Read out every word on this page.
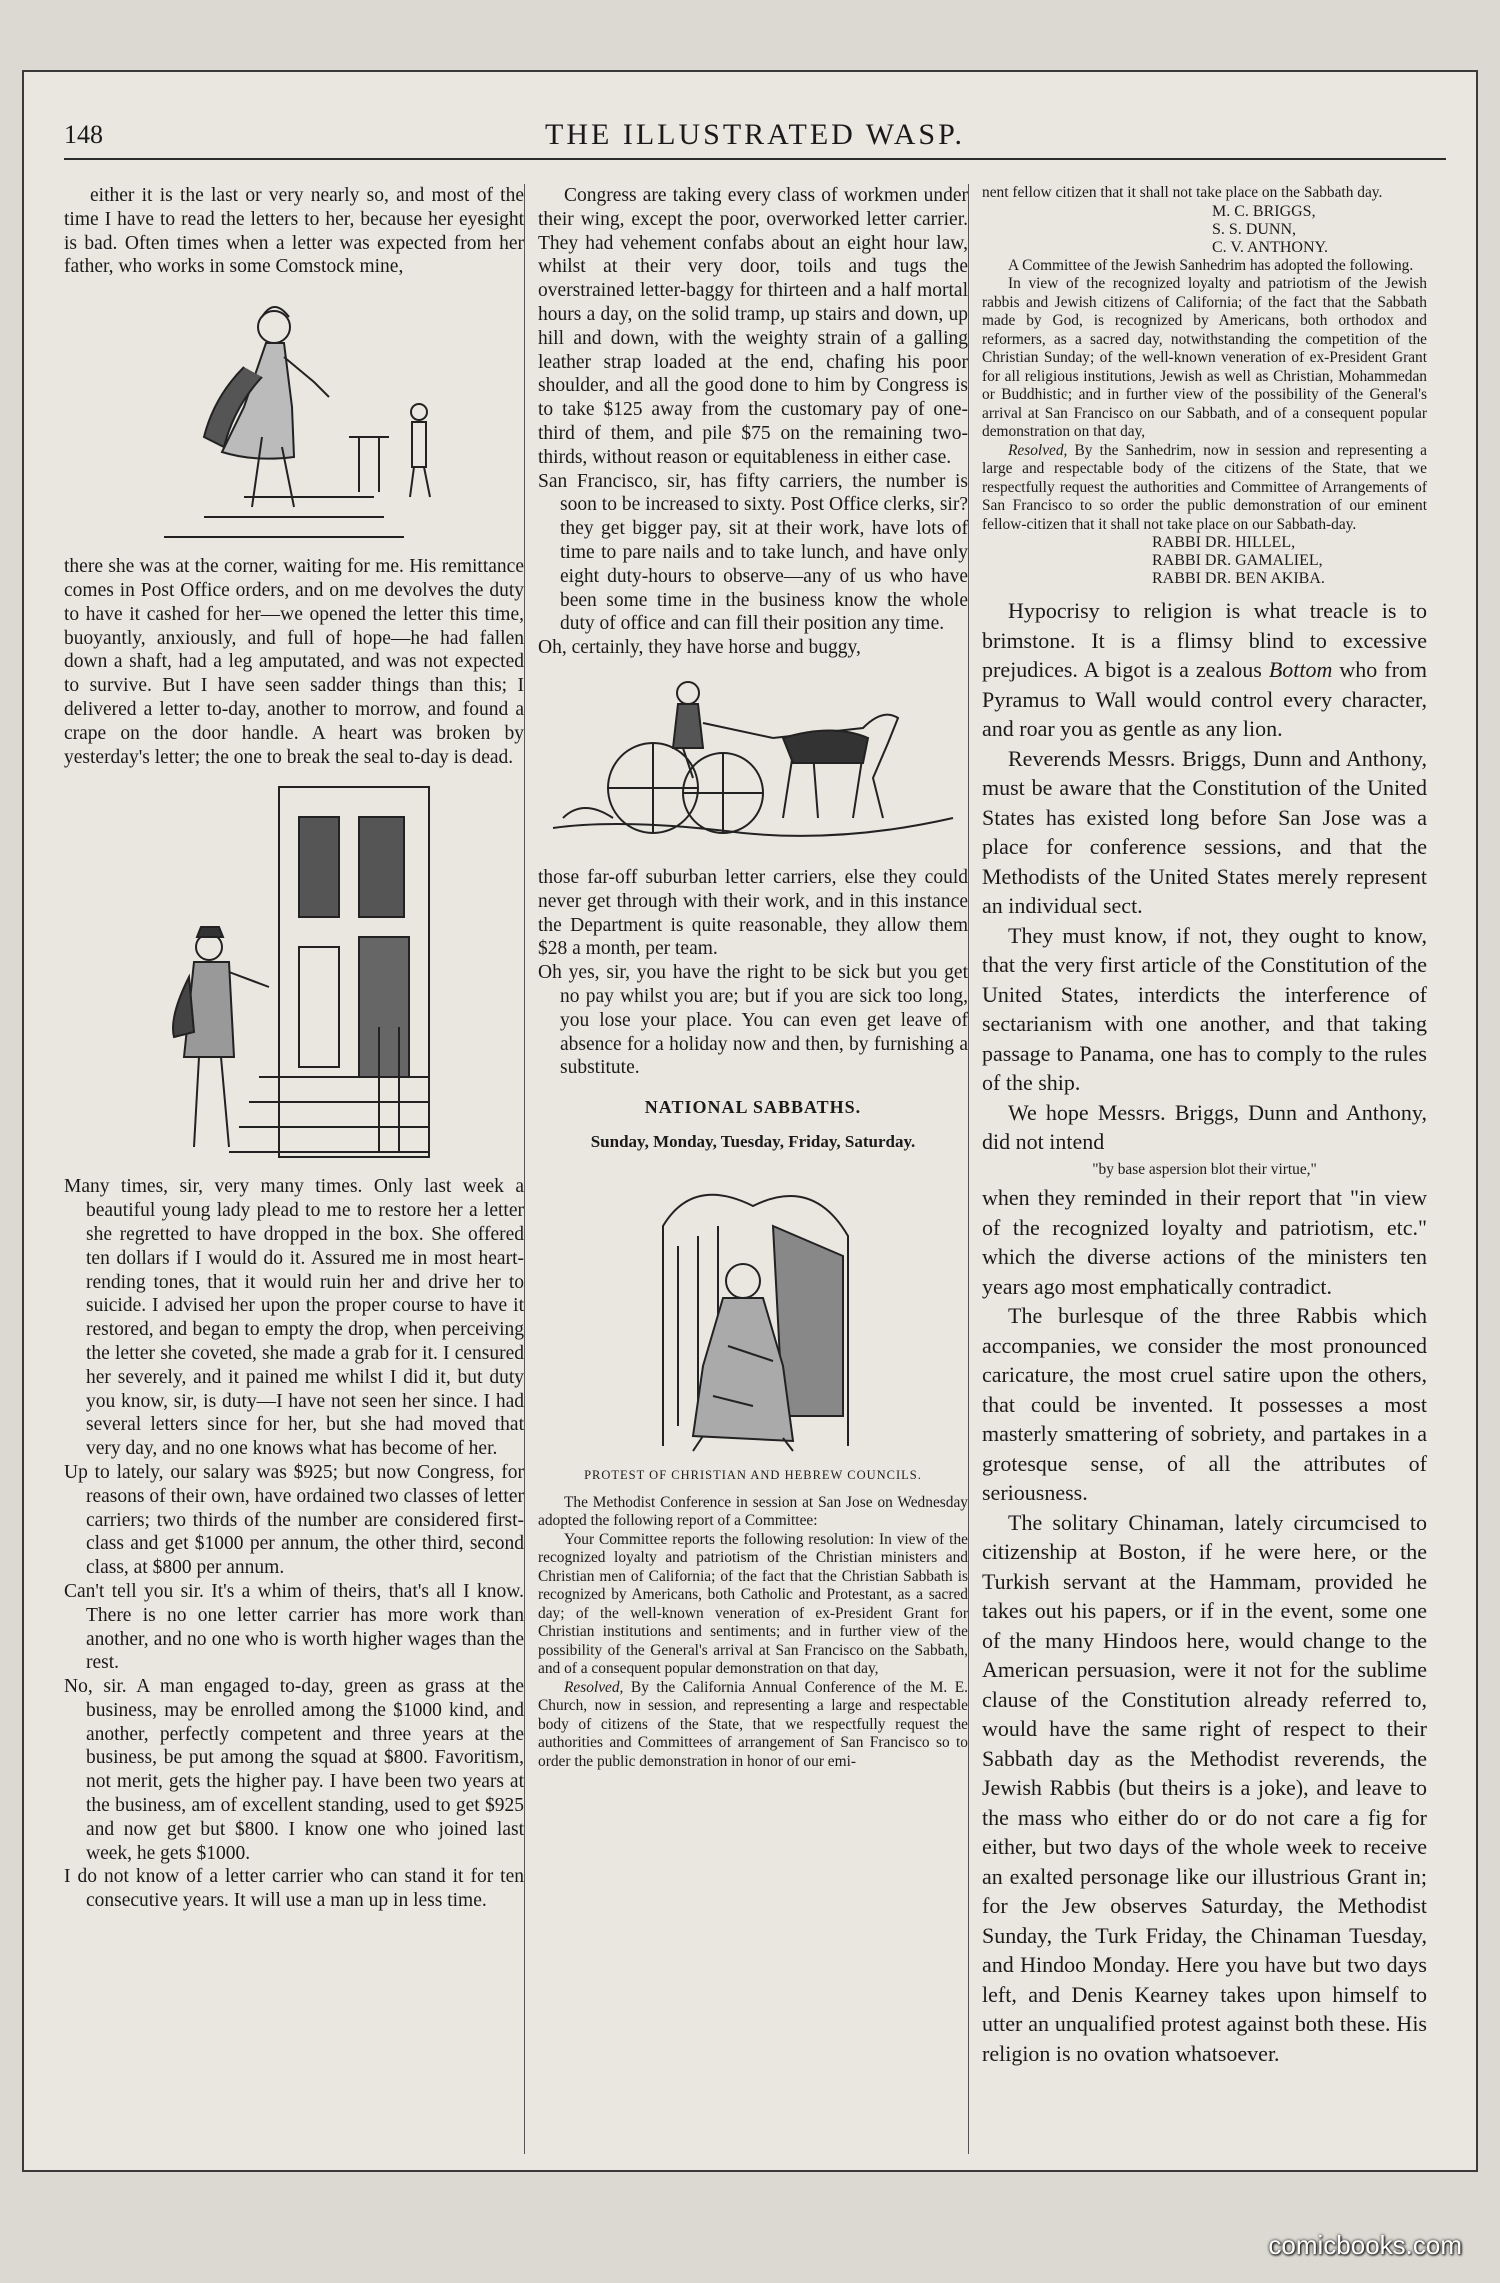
148	THE ILLUSTRATED WASP.

either it is the last or very nearly so, and most of the time I have to read the letters to her, because her eyesight is bad. Often times when a letter was expected from her father, who works in some Comstock mine,

there she was at the corner, waiting for me. His remittance comes in Post Office orders, and on me devolves the duty to have it cashed for her—we opened the letter this time, buoyantly, anxiously, and full of hope—he had fallen down a shaft, had a leg amputated, and was not expected to survive. But I have seen sadder things than this; I delivered a letter to-day, another to morrow, and found a crape on the door handle. A heart was broken by yesterday's letter; the one to break the seal to-day is dead.

Many times, sir, very many times. Only last week a beautiful young lady plead to me to restore her a letter she regretted to have dropped in the box. She offered ten dollars if I would do it. Assured me in most heart-rending tones, that it would ruin her and drive her to suicide. I advised her upon the proper course to have it restored, and began to empty the drop, when perceiving the letter she coveted, she made a grab for it. I censured her severely, and it pained me whilst I did it, but duty you know, sir, is duty—I have not seen her since. I had several letters since for her, but she had moved that very day, and no one knows what has become of her.

Up to lately, our salary was $925; but now Congress, for reasons of their own, have ordained two classes of letter carriers; two thirds of the number are considered first-class and get $1000 per annum, the other third, second class, at $800 per annum.

Can't tell you sir. It's a whim of theirs, that's all I know. There is no one letter carrier has more work than another, and no one who is worth higher wages than the rest.

No, sir. A man engaged to-day, green as grass at the business, may be enrolled among the $1000 kind, and another, perfectly competent and three years at the business, be put among the squad at $800. Favoritism, not merit, gets the higher pay. I have been two years at the business, am of excellent standing, used to get $925 and now get but $800. I know one who joined last week, he gets $1000.

I do not know of a letter carrier who can stand it for ten consecutive years. It will use a man up in less time.

Congress are taking every class of workmen under their wing, except the poor, overworked letter carrier. They had vehement confabs about an eight hour law, whilst at their very door, toils and tugs the overstrained letter-baggy for thirteen and a half mortal hours a day, on the solid tramp, up stairs and down, up hill and down, with the weighty strain of a galling leather strap loaded at the end, chafing his poor shoulder, and all the good done to him by Congress is to take $125 away from the customary pay of one-third of them, and pile $75 on the remaining two-thirds, without reason or equitableness in either case.

San Francisco, sir, has fifty carriers, the number is soon to be increased to sixty. Post Office clerks, sir? they get bigger pay, sit at their work, have lots of time to pare nails and to take lunch, and have only eight duty-hours to observe—any of us who have been some time in the business know the whole duty of office and can fill their position any time.

Oh, certainly, they have horse and buggy,

those far-off suburban letter carriers, else they could never get through with their work, and in this instance the Department is quite reasonable, they allow them $28 a month, per team.

Oh yes, sir, you have the right to be sick but you get no pay whilst you are; but if you are sick too long, you lose your place. You can even get leave of absence for a holiday now and then, by furnishing a substitute.

NATIONAL SABBATHS.
Sunday, Monday, Tuesday, Friday, Saturday.
PROTEST OF CHRISTIAN AND HEBREW COUNCILS.

The Methodist Conference in session at San Jose on Wednesday adopted the following report of a Committee:

Your Committee reports the following resolution: In view of the recognized loyalty and patriotism of the Christian ministers and Christian men of California; of the fact that the Christian Sabbath is recognized by Americans, both Catholic and Protestant, as a sacred day; of the well-known veneration of ex-President Grant for Christian institutions and sentiments; and in further view of the possibility of the General's arrival at San Francisco on the Sabbath, and of a consequent popular demonstration on that day,

Resolved, By the California Annual Conference of the M. E. Church, now in session, and representing a large and respectable body of citizens of the State, that we respectfully request the authorities and Committees of arrangement of San Francisco so to order the public demonstration in honor of our emi-

nent fellow citizen that it shall not take place on the Sabbath day.

M. C. BRIGGS,
S. S. DUNN,
C. V. ANTHONY.

A Committee of the Jewish Sanhedrim has adopted the following.

In view of the recognized loyalty and patriotism of the Jewish rabbis and Jewish citizens of California; of the fact that the Sabbath made by God, is recognized by Americans, both orthodox and reformers, as a sacred day, notwithstanding the competition of the Christian Sunday; of the well-known veneration of ex-President Grant for all religious institutions, Jewish as well as Christian, Mohammedan or Buddhistic; and in further view of the possibility of the General's arrival at San Francisco on our Sabbath, and of a consequent popular demonstration on that day,

Resolved, By the Sanhedrim, now in session and representing a large and respectable body of the citizens of the State, that we respectfully request the authorities and Committee of Arrangements of San Francisco to so order the public demonstration of our eminent fellow-citizen that it shall not take place on our Sabbath-day.

RABBI DR. HILLEL,
RABBI DR. GAMALIEL,
RABBI DR. BEN AKIBA.

Hypocrisy to religion is what treacle is to brimstone. It is a flimsy blind to excessive prejudices. A bigot is a zealous Bottom who from Pyramus to Wall would control every character, and roar you as gentle as any lion.

Reverends Messrs. Briggs, Dunn and Anthony, must be aware that the Constitution of the United States has existed long before San Jose was a place for conference sessions, and that the Methodists of the United States merely represent an individual sect.

They must know, if not, they ought to know, that the very first article of the Constitution of the United States, interdicts the interference of sectarianism with one another, and that taking passage to Panama, one has to comply to the rules of the ship.

We hope Messrs. Briggs, Dunn and Anthony, did not intend

"by base aspersion blot their virtue,"

when they reminded in their report that "in view of the recognized loyalty and patriotism, etc." which the diverse actions of the ministers ten years ago most emphatically contradict.

The burlesque of the three Rabbis which accompanies, we consider the most pronounced caricature, the most cruel satire upon the others, that could be invented. It possesses a most masterly smattering of sobriety, and partakes in a grotesque sense, of all the attributes of seriousness.

The solitary Chinaman, lately circumcised to citizenship at Boston, if he were here, or the Turkish servant at the Hammam, provided he takes out his papers, or if in the event, some one of the many Hindoos here, would change to the American persuasion, were it not for the sublime clause of the Constitution already referred to, would have the same right of respect to their Sabbath day as the Methodist reverends, the Jewish Rabbis (but theirs is a joke), and leave to the mass who either do or do not care a fig for either, but two days of the whole week to receive an exalted personage like our illustrious Grant in; for the Jew observes Saturday, the Methodist Sunday, the Turk Friday, the Chinaman Tuesday, and Hindoo Monday. Here you have but two days left, and Denis Kearney takes upon himself to utter an unqualified protest against both these. His religion is no ovation whatsoever.

comicbooks.com
